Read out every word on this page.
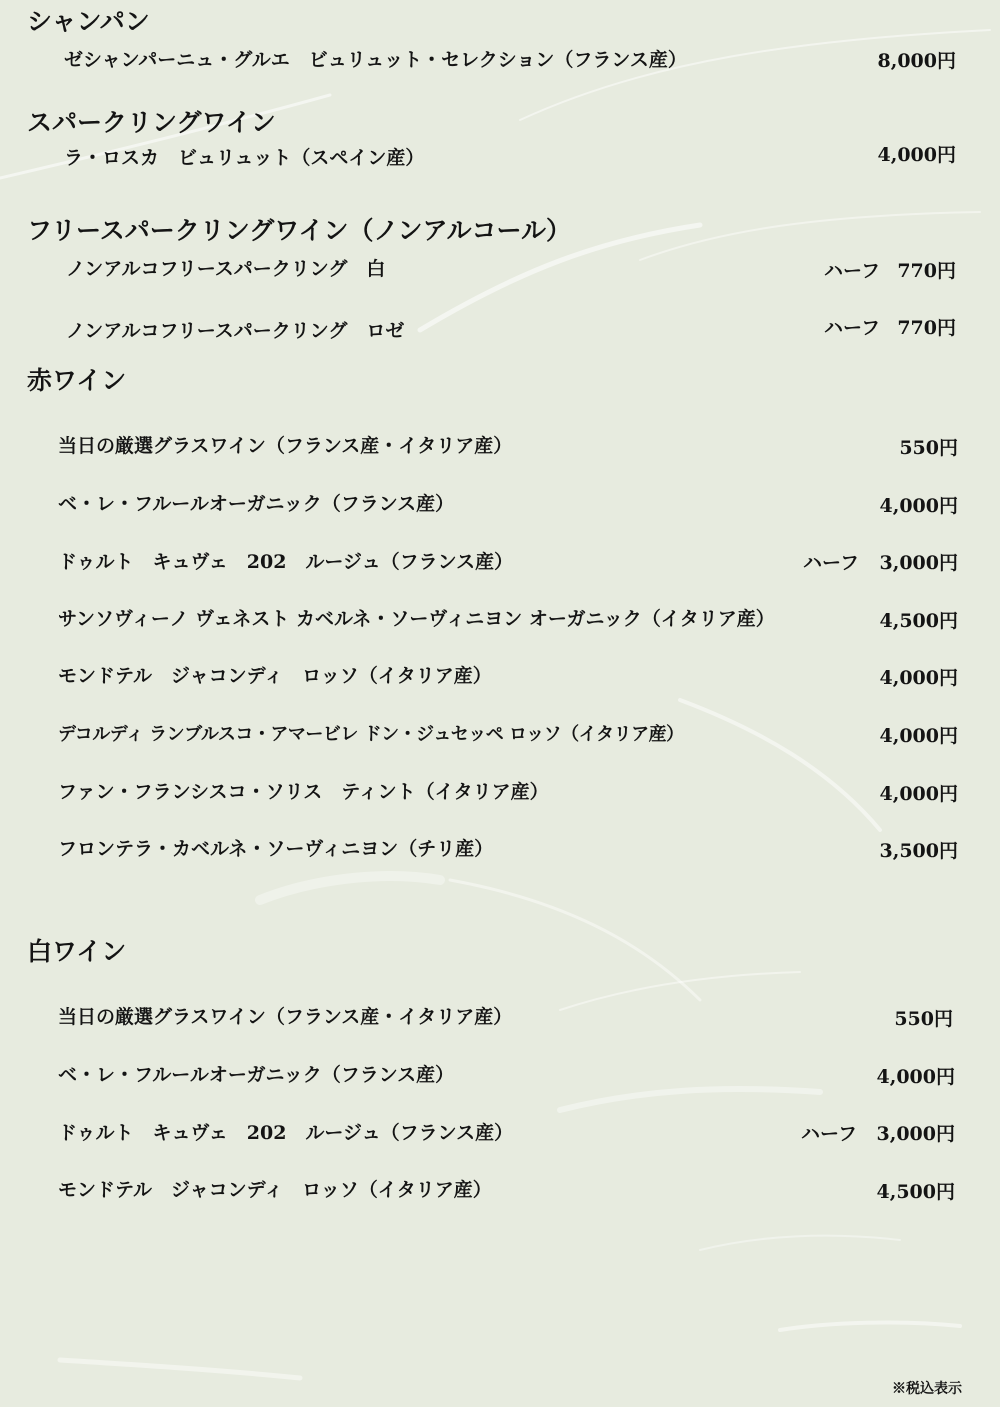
シャンパン
ゼシャンパーニュ・グルエ　ビュリュット・セレクション（フランス産）	8,000円
スパークリングワイン
ラ・ロスカ　ビュリュット（スペイン産）	4,000円
フリースパークリングワイン（ノンアルコール）
ノンアルコフリースパークリング　白	ハーフ 770円
ノンアルコフリースパークリング　ロゼ	ハーフ 770円
赤ワイン
当日の厳選グラスワイン（フランス産・イタリア産）	550円
ベ・レ・フルールオーガニック（フランス産）	4,000円
ドゥルト　キュヴェ　202　ルージュ（フランス産）	ハーフ 3,000円
サンソヴィーノ ヴェネスト カベルネ・ソーヴィニヨン オーガニック（イタリア産）	4,500円
モンドテル　ジャコンディ　ロッソ（イタリア産）	4,000円
デコルディ ランブルスコ・アマービレ ドン・ジュセッペ ロッソ（イタリア産）	4,000円
ファン・フランシスコ・ソリス　ティント（イタリア産）	4,000円
フロンテラ・カベルネ・ソーヴィニヨン（チリ産）	3,500円
白ワイン
当日の厳選グラスワイン（フランス産・イタリア産）	550円
ベ・レ・フルールオーガニック（フランス産）	4,000円
ドゥルト　キュヴェ　202　ルージュ（フランス産）	ハーフ 3,000円
モンドテル　ジャコンディ　ロッソ（イタリア産）	4,500円
※税込表示
